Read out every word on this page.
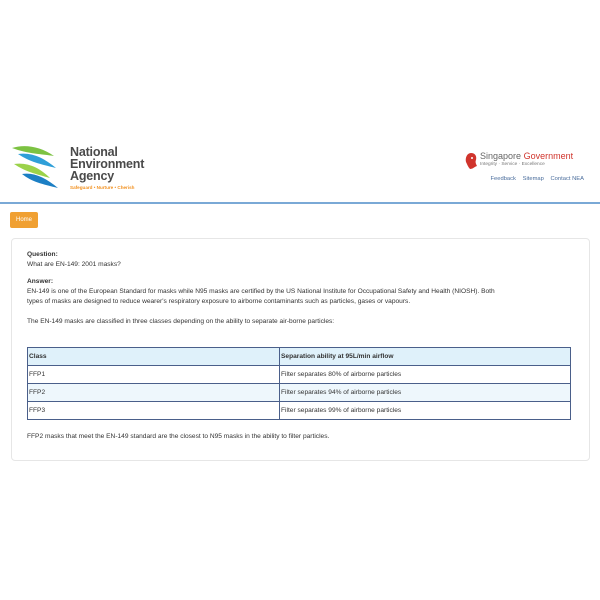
National
Environment
Agency
Safeguard • Nurture • Cherish
Singapore Government
Integrity · Service · Excellence
Feedback Sitemap Contact NEA
Home
Question:
What are EN-149: 2001 masks?
Answer:
EN-149 is one of the European Standard for masks while N95 masks are certified by the US National Institute for Occupational Safety and Health (NIOSH). Both
types of masks are designed to reduce wearer's respiratory exposure to airborne contaminants such as particles, gases or vapours.
The EN-149 masks are classified in three classes depending on the ability to separate air-borne particles:
Class	Separation ability at 95L/min airflow
FFP1	Filter separates 80% of airborne particles
FFP2	Filter separates 94% of airborne particles
FFP3	Filter separates 99% of airborne particles
FFP2 masks that meet the EN-149 standard are the closest to N95 masks in the ability to filter particles.
